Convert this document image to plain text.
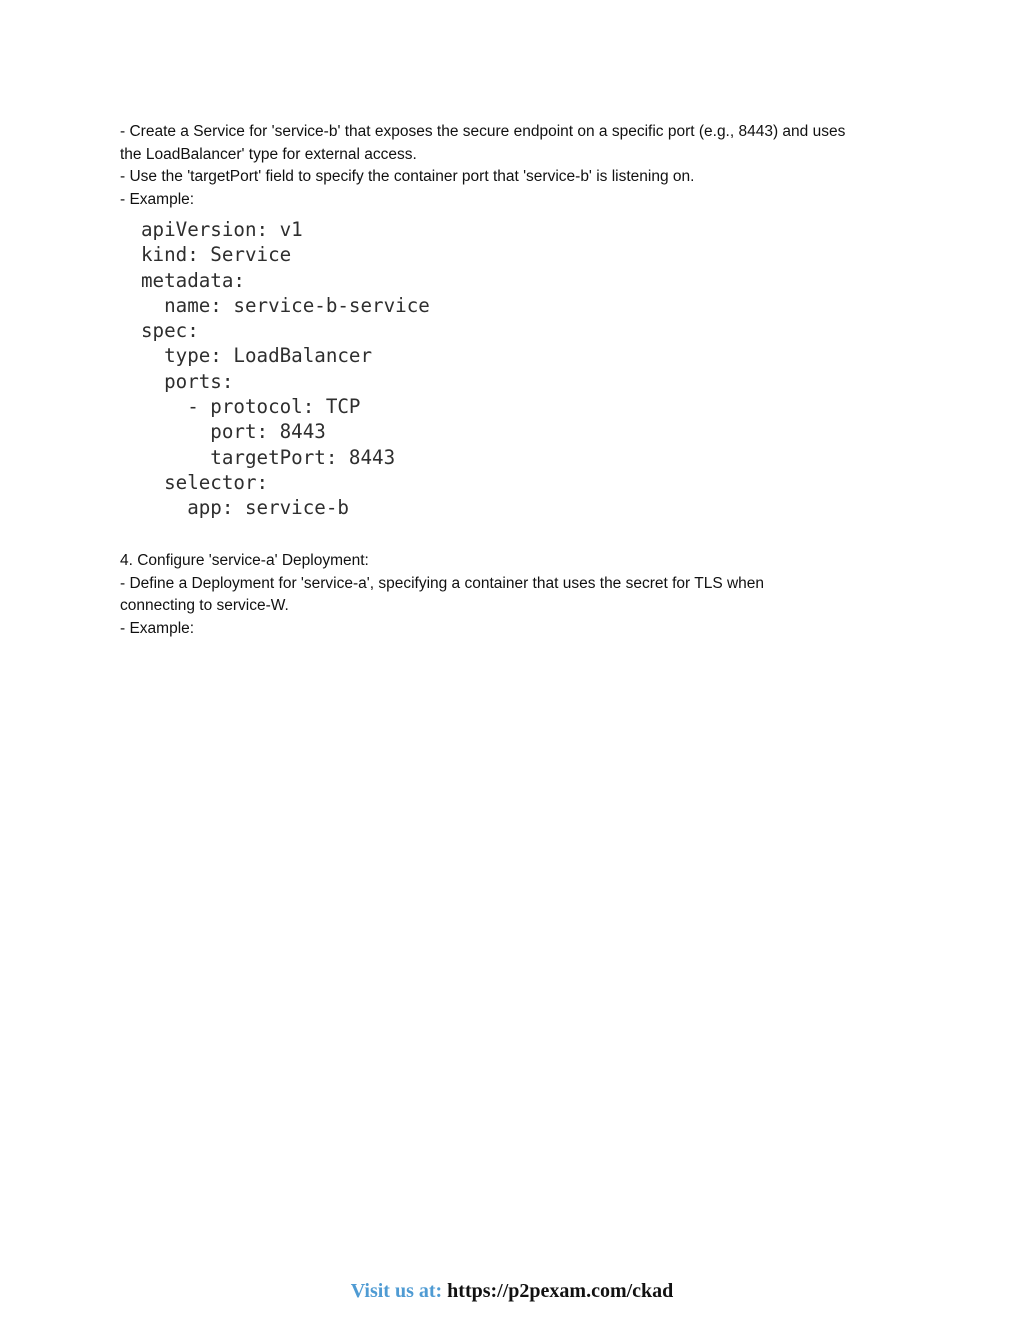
- Create a Service for 'service-b' that exposes the secure endpoint on a specific port (e.g., 8443) and uses

the LoadBalancer' type for external access.

- Use the 'targetPort' field to specify the container port that 'service-b' is listening on.

- Example:

apiVersion: v1
kind: Service
metadata:
name: service-b-service
spec:
type: LoadBalancer
ports:
- protocol: TCP
port: 8443
targetPort: 8443
selector:
app: service-b

4. Configure 'service-a' Deployment:

- Define a Deployment for 'service-a', specifying a container that uses the secret for TLS when

connecting to service-W.

- Example:

Visit us at: https://p2pexam.com/ckad
